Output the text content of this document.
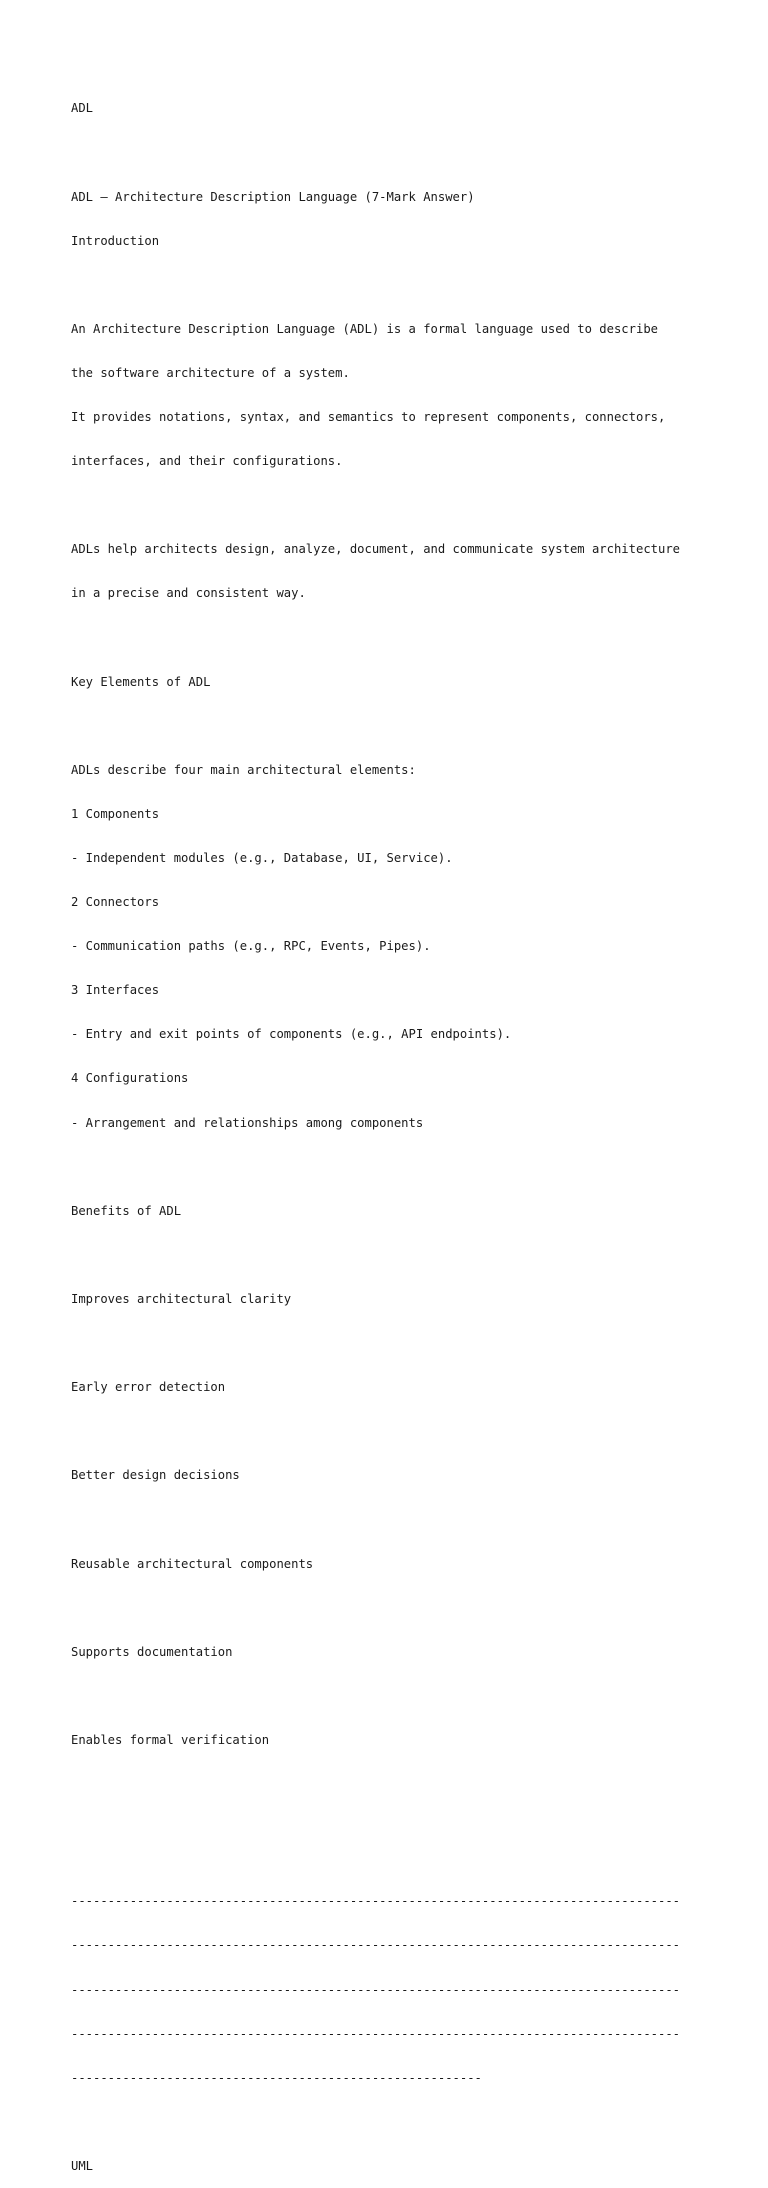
ADL

ADL – Architecture Description Language (7-Mark Answer)

Introduction

An Architecture Description Language (ADL) is a formal language used to describe

the software architecture of a system.

It provides notations, syntax, and semantics to represent components, connectors,

interfaces, and their configurations.

ADLs help architects design, analyze, document, and communicate system architecture

in a precise and consistent way.

Key Elements of ADL

ADLs describe four main architectural elements:

1 Components

- Independent modules (e.g., Database, UI, Service).

2 Connectors

- Communication paths (e.g., RPC, Events, Pipes).

3 Interfaces

- Entry and exit points of components (e.g., API endpoints).

4 Configurations

- Arrangement and relationships among components

Benefits of ADL

Improves architectural clarity

Early error detection

Better design decisions

Reusable architectural components

Supports documentation

Enables formal verification

-----------------------------------------------------------------------------------

-----------------------------------------------------------------------------------

-----------------------------------------------------------------------------------

-----------------------------------------------------------------------------------

--------------------------------------------------------

UML
